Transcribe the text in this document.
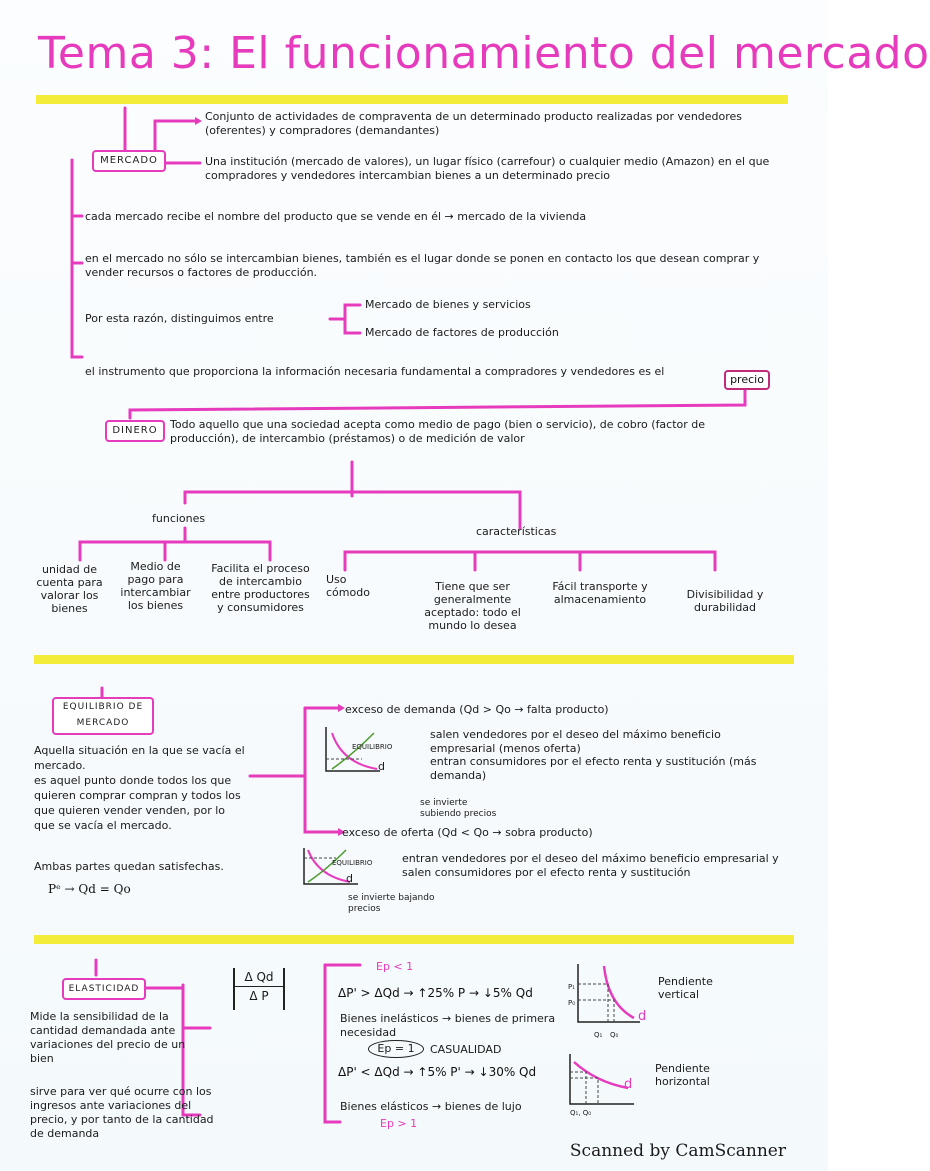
Tema 3: El funcionamiento del mercado
MERCADO
Conjunto de actividades de compraventa de un determinado producto realizadas por vendedores (oferentes) y compradores (demandantes)
Una institución (mercado de valores), un lugar físico (carrefour) o cualquier medio (Amazon) en el que compradores y vendedores intercambian bienes a un determinado precio
cada mercado recibe el nombre del producto que se vende en él → mercado de la vivienda
en el mercado no sólo se intercambian bienes, también es el lugar donde se ponen en contacto los que desean comprar y vender recursos o factores de producción.
Por esta razón, distinguimos entre
Mercado de bienes y servicios
Mercado de factores de producción
el instrumento que proporciona la información necesaria fundamental a compradores y vendedores es el
precio
DINERO	Todo aquello que una sociedad acepta como medio de pago (bien o servicio), de cobro (factor de producción), de intercambio (préstamos) o de medición de valor
funciones
unidad de cuenta para valorar los bienes
Medio de pago para intercambiar los bienes
Facilita el proceso de intercambio entre productores y consumidores
características
Uso cómodo	Tiene que ser generalmente aceptado: todo el mundo lo desea
Fácil transporte y almacenamiento	Divisibilidad y durabilidad
EQUILIBRIO DE MERCADO
Aquella situación en la que se vacía el mercado.
es aquel punto donde todos los que quieren comprar compran y todos los que quieren vender venden, por lo que se vacía el mercado.
Ambas partes quedan satisfechas.
Pᵉ → Qd = Qo
exceso de demanda (Qd > Qo → falta producto)
EQUILIBRIO
d
salen vendedores por el deseo del máximo beneficio empresarial (menos oferta)
entran consumidores por el efecto renta y sustitución (más demanda)
se invierte subiendo precios
exceso de oferta (Qd < Qo → sobra producto)
EQUILIBRIO
d
entran vendedores por el deseo del máximo beneficio empresarial y salen consumidores por el efecto renta y sustitución
se invierte bajando precios
ELASTICIDAD	$\frac{\text{Δ Qd}}{\text{Δ P}}$
Mide la sensibilidad de la cantidad demandada ante variaciones del precio de un bien
sirve para ver qué ocurre con los ingresos ante variaciones del precio, y por tanto de la cantidad de demanda
Ep < 1
ΔP' > ΔQd → ↑25% P → ↓5% Qd
Bienes inelásticos → bienes de primera necesidad
Ep = 1	CASUALIDAD
ΔP' < ΔQd → ↑5% P' → ↓30% Qd
Bienes elásticos → bienes de lujo
Ep > 1
P₁
P₀
Q₁ Q₀
d
Pendiente vertical
Q₁, Q₀
d
Pendiente horizontal
Scanned by CamScanner
